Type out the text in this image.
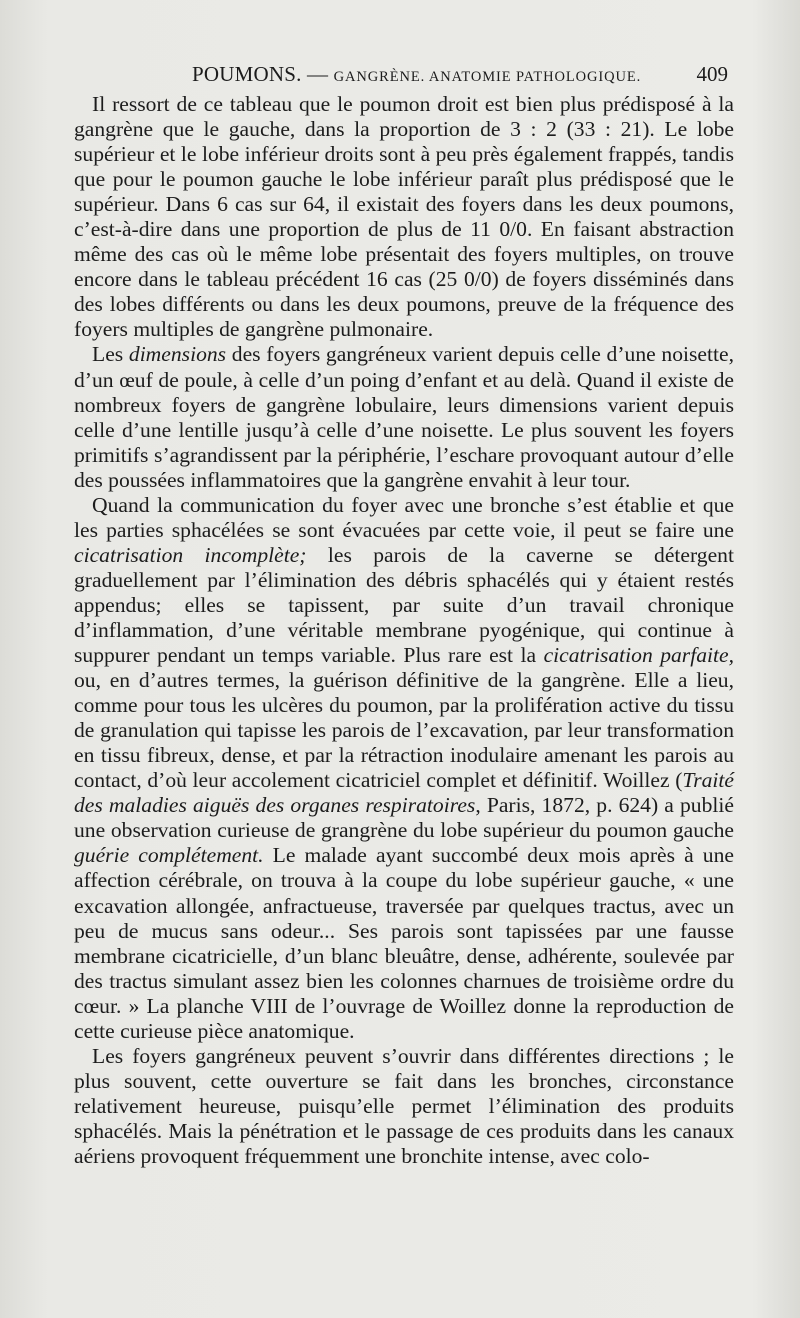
POUMONS. — GANGRÈNE. ANATOMIE PATHOLOGIQUE.	409

Il ressort de ce tableau que le poumon droit est bien plus prédisposé à la gangrène que le gauche, dans la proportion de 3 : 2 (33 : 21). Le lobe supérieur et le lobe inférieur droits sont à peu près également frappés, tandis que pour le poumon gauche le lobe inférieur paraît plus prédisposé que le supérieur. Dans 6 cas sur 64, il existait des foyers dans les deux poumons, c’est-à-dire dans une proportion de plus de 11 0/0. En faisant abstraction même des cas où le même lobe présentait des foyers multiples, on trouve encore dans le tableau précédent 16 cas (25 0/0) de foyers disséminés dans des lobes différents ou dans les deux poumons, preuve de la fréquence des foyers multiples de gangrène pulmonaire.

Les dimensions des foyers gangréneux varient depuis celle d’une noisette, d’un œuf de poule, à celle d’un poing d’enfant et au delà. Quand il existe de nombreux foyers de gangrène lobulaire, leurs dimensions varient depuis celle d’une lentille jusqu’à celle d’une noisette. Le plus souvent les foyers primitifs s’agrandissent par la périphérie, l’eschare provoquant autour d’elle des poussées inflammatoires que la gangrène envahit à leur tour.

Quand la communication du foyer avec une bronche s’est établie et que les parties sphacélées se sont évacuées par cette voie, il peut se faire une cicatrisation incomplète; les parois de la caverne se détergent graduellement par l’élimination des débris sphacélés qui y étaient restés appendus; elles se tapissent, par suite d’un travail chronique d’inflammation, d’une véritable membrane pyogénique, qui continue à suppurer pendant un temps variable. Plus rare est la cicatrisation parfaite, ou, en d’autres termes, la guérison définitive de la gangrène. Elle a lieu, comme pour tous les ulcères du poumon, par la prolifération active du tissu de granulation qui tapisse les parois de l’excavation, par leur transformation en tissu fibreux, dense, et par la rétraction inodulaire amenant les parois au contact, d’où leur accolement cicatriciel complet et définitif. Woillez (Traité des maladies aiguës des organes respiratoires, Paris, 1872, p. 624) a publié une observation curieuse de grangrène du lobe supérieur du poumon gauche guérie complétement. Le malade ayant succombé deux mois après à une affection cérébrale, on trouva à la coupe du lobe supérieur gauche, « une excavation allongée, anfractueuse, traversée par quelques tractus, avec un peu de mucus sans odeur... Ses parois sont tapissées par une fausse membrane cicatricielle, d’un blanc bleuâtre, dense, adhérente, soulevée par des tractus simulant assez bien les colonnes charnues de troisième ordre du cœur. » La planche VIII de l’ouvrage de Woillez donne la reproduction de cette curieuse pièce anatomique.

Les foyers gangréneux peuvent s’ouvrir dans différentes directions ; le plus souvent, cette ouverture se fait dans les bronches, circonstance relativement heureuse, puisqu’elle permet l’élimination des produits sphacélés. Mais la pénétration et le passage de ces produits dans les canaux aériens provoquent fréquemment une bronchite intense, avec colo-
